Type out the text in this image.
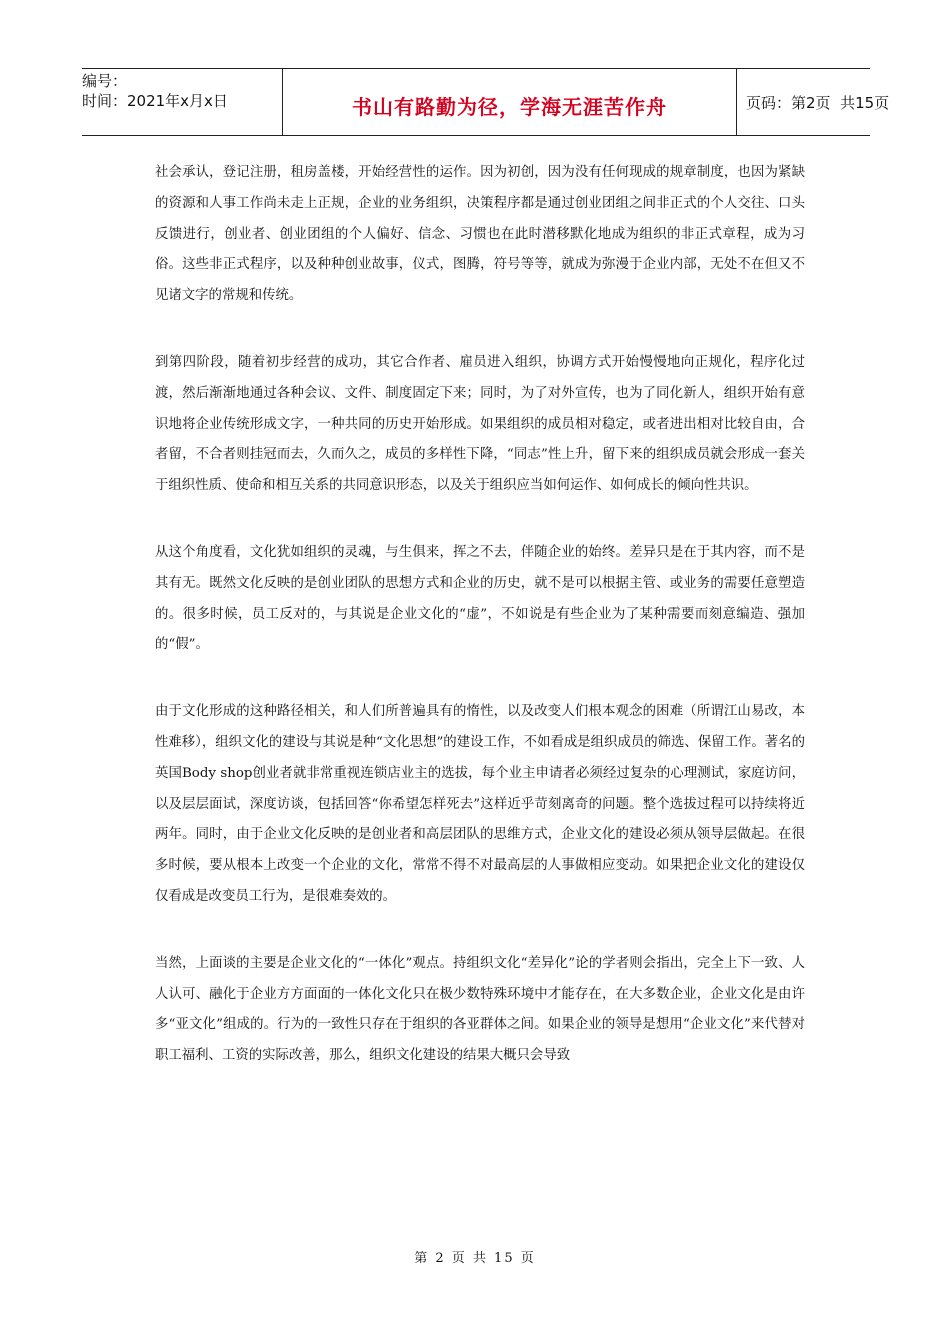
编号：
时间：2021年x月x日	书山有路勤为径，学海无涯苦作舟	页码：第2页  共15页

社会承认，登记注册，租房盖楼，开始经营性的运作。因为初创，因为没有任何现成的规章制度，也因为紧缺的资源和人事工作尚未走上正规，企业的业务组织，决策程序都是通过创业团组之间非正式的个人交往、口头反馈进行，创业者、创业团组的个人偏好、信念、习惯也在此时潜移默化地成为组织的非正式章程，成为习俗。这些非正式程序，以及种种创业故事，仪式，图腾，符号等等，就成为弥漫于企业内部，无处不在但又不见诸文字的常规和传统。

到第四阶段，随着初步经营的成功，其它合作者、雇员进入组织，协调方式开始慢慢地向正规化，程序化过渡，然后渐渐地通过各种会议、文件、制度固定下来；同时，为了对外宣传，也为了同化新人，组织开始有意识地将企业传统形成文字，一种共同的历史开始形成。如果组织的成员相对稳定，或者进出相对比较自由，合者留，不合者则挂冠而去，久而久之，成员的多样性下降，“同志”性上升，留下来的组织成员就会形成一套关于组织性质、使命和相互关系的共同意识形态，以及关于组织应当如何运作、如何成长的倾向性共识。

从这个角度看，文化犹如组织的灵魂，与生俱来，挥之不去，伴随企业的始终。差异只是在于其内容，而不是其有无。既然文化反映的是创业团队的思想方式和企业的历史，就不是可以根据主管、或业务的需要任意塑造的。很多时候，员工反对的，与其说是企业文化的“虚”，不如说是有些企业为了某种需要而刻意编造、强加的“假”。

由于文化形成的这种路径相关，和人们所普遍具有的惰性，以及改变人们根本观念的困难（所谓江山易改，本性难移），组织文化的建设与其说是种“文化思想”的建设工作，不如看成是组织成员的筛选、保留工作。著名的英国Body shop创业者就非常重视连锁店业主的选拔，每个业主申请者必须经过复杂的心理测试，家庭访问，以及层层面试，深度访谈，包括回答“你希望怎样死去”这样近乎苛刻离奇的问题。整个选拔过程可以持续将近两年。同时，由于企业文化反映的是创业者和高层团队的思维方式，企业文化的建设必须从领导层做起。在很多时候，要从根本上改变一个企业的文化，常常不得不对最高层的人事做相应变动。如果把企业文化的建设仅仅看成是改变员工行为，是很难奏效的。

当然，上面谈的主要是企业文化的“一体化”观点。持组织文化“差异化”论的学者则会指出，完全上下一致、人人认可、融化于企业方方面面的一体化文化只在极少数特殊环境中才能存在，在大多数企业，企业文化是由许多“亚文化”组成的。行为的一致性只存在于组织的各亚群体之间。如果企业的领导是想用“企业文化”来代替对职工福利、工资的实际改善，那么，组织文化建设的结果大概只会导致

第 2 页 共 15 页
